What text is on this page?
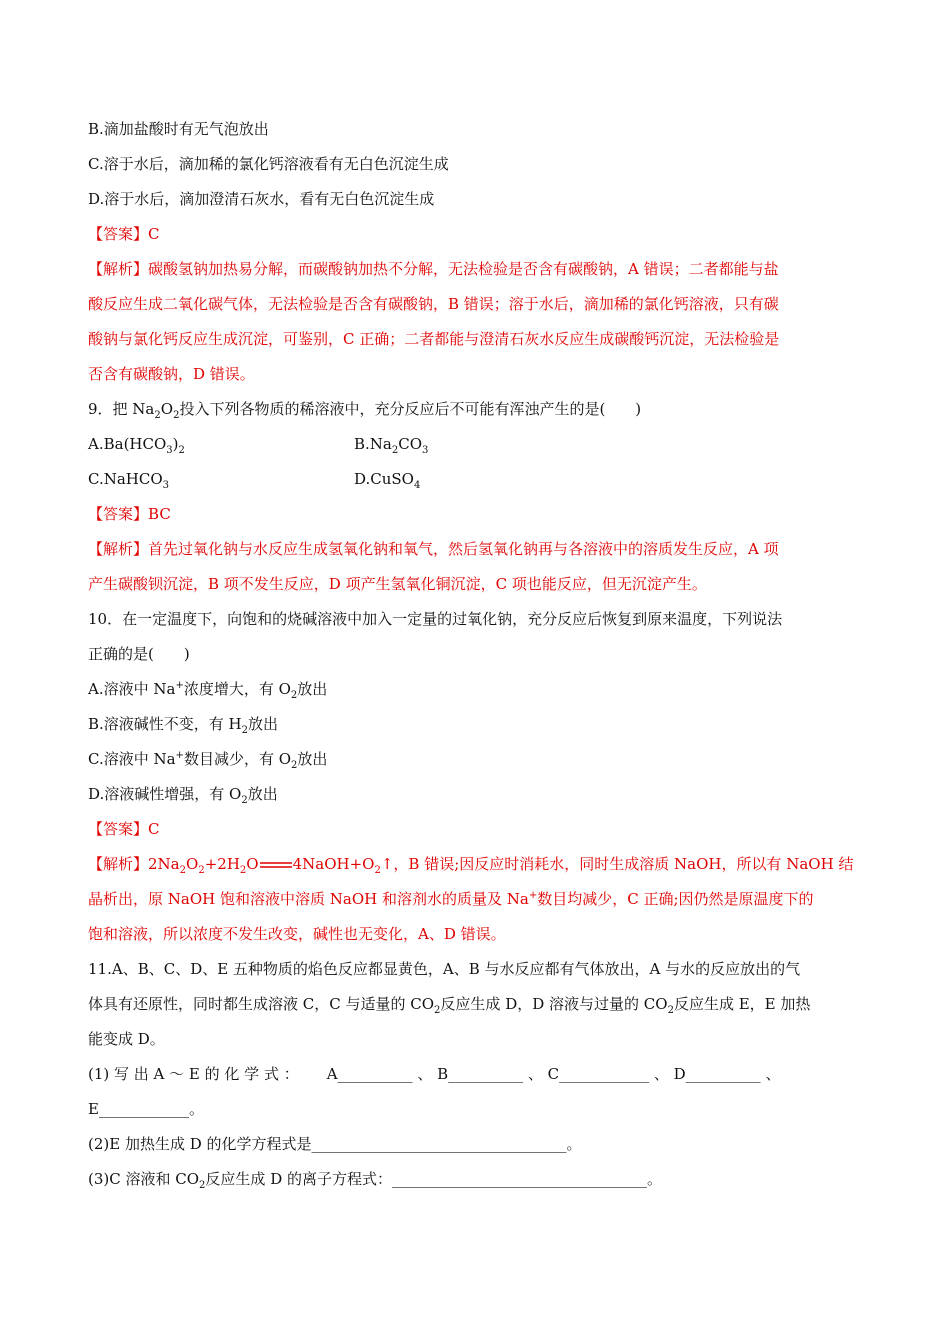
B.滴加盐酸时有无气泡放出
C.溶于水后，滴加稀的氯化钙溶液看有无白色沉淀生成
D.溶于水后，滴加澄清石灰水，看有无白色沉淀生成
【答案】C
【解析】碳酸氢钠加热易分解，而碳酸钠加热不分解，无法检验是否含有碳酸钠，A 错误；二者都能与盐
酸反应生成二氧化碳气体，无法检验是否含有碳酸钠，B 错误；溶于水后，滴加稀的氯化钙溶液，只有碳
酸钠与氯化钙反应生成沉淀，可鉴别，C 正确；二者都能与澄清石灰水反应生成碳酸钙沉淀，无法检验是
否含有碳酸钠，D 错误。
9．把 $Na_2O_2$投入下列各物质的稀溶液中，充分反应后不可能有浑浊产生的是(　　)
$A.Ba(HCO_3)_2$	$B.Na_2CO_3$
C.NaHCO$_3$	D.CuSO$_4$
【答案】BC
【解析】首先过氧化钠与水反应生成氢氧化钠和氧气，然后氢氧化钠再与各溶液中的溶质发生反应，A 项
产生碳酸钡沉淀，B 项不发生反应，D 项产生氢氧化铜沉淀，C 项也能反应，但无沉淀产生。
10．在一定温度下，向饱和的烧碱溶液中加入一定量的过氧化钠，充分反应后恢复到原来温度，下列说法
正确的是(　　)
A.溶液中 Na+浓度增大，有 $O_2$放出
B.溶液碱性不变，有 $H_2$放出
C.溶液中 Na+数目减少，有 $O_2$放出
D.溶液碱性增强，有 $O_2$放出
【答案】C
【解析】$2Na_2O_2+2H_2O$ $4NaOH+O_2↑$，B 错误;因反应时消耗水，同时生成溶质 NaOH，所以有 NaOH 结
晶析出，原 NaOH 饱和溶液中溶质 NaOH 和溶剂水的质量及 Na+数目均减少，C 正确;因仍然是原温度下的
饱和溶液，所以浓度不发生改变，碱性也无变化，A、D 错误。
11.A、B、C、D、E 五种物质的焰色反应都显黄色，A、B 与水反应都有气体放出，A 与水的反应放出的气
体具有还原性，同时都生成溶液 C，C 与适量的 $CO_2$反应生成 D，D 溶液与过量的 $CO_2$反应生成 E，E 加热
能变成 D。
(1) 写 出 A ～ E 的 化 学 式 ： A__________ 、 B__________ 、 C____________ 、 D__________ 、
E____________。
(2)E 加热生成 D 的化学方程式是__________________________________。
(3)C 溶液和 $CO_2$反应生成 D 的离子方程式：__________________________________。
